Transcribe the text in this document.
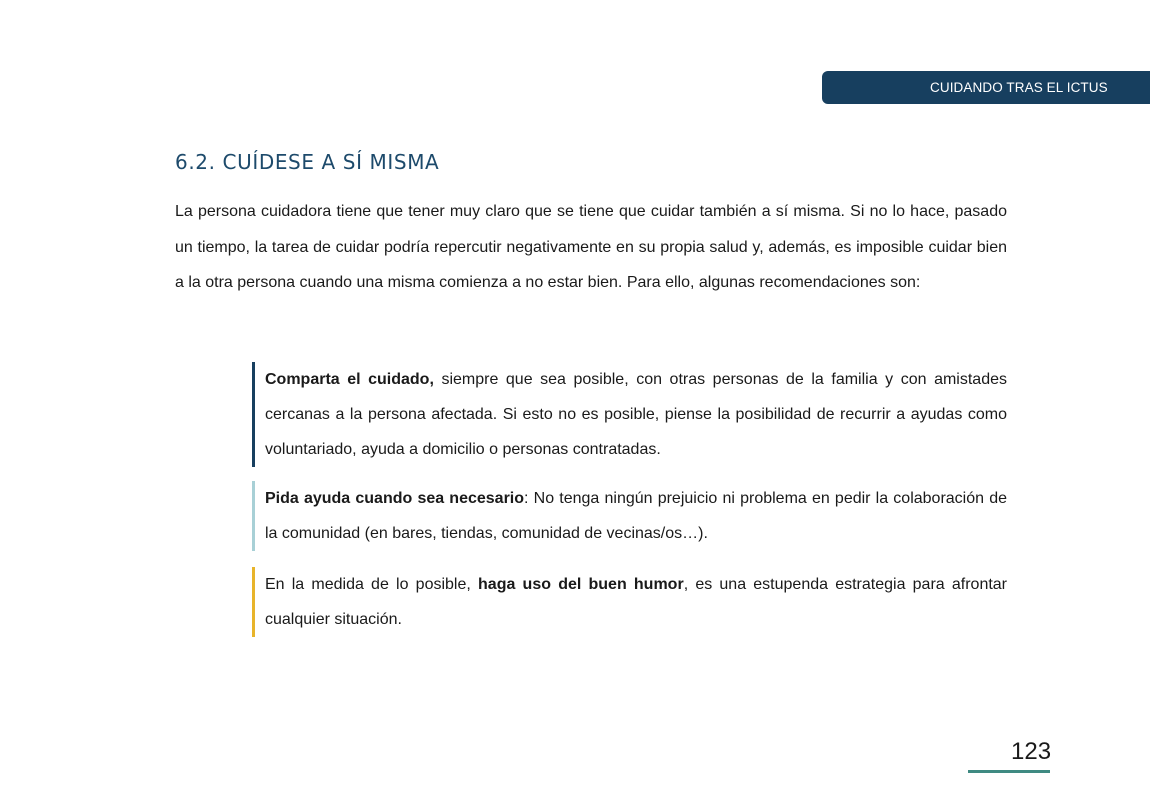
CUIDANDO TRAS EL ICTUS
6.2. CUÍDESE A SÍ MISMA

La persona cuidadora tiene que tener muy claro que se tiene que cuidar también a sí misma. Si no lo hace, pasado un tiempo, la tarea de cuidar podría repercutir negativamente en su propia salud y, además, es imposible cuidar bien a la otra persona cuando una misma comienza a no estar bien. Para ello, algunas recomendaciones son:

Comparta el cuidado, siempre que sea posible, con otras personas de la familia y con amistades cercanas a la persona afectada. Si esto no es posible, piense la posibilidad de recurrir a ayudas como voluntariado, ayuda a domicilio o personas contratadas.

Pida ayuda cuando sea necesario: No tenga ningún prejuicio ni problema en pedir la colaboración de la comunidad (en bares, tiendas, comunidad de vecinas/os…).

En la medida de lo posible, haga uso del buen humor, es una estupenda estrategia para afrontar cualquier situación.

123
